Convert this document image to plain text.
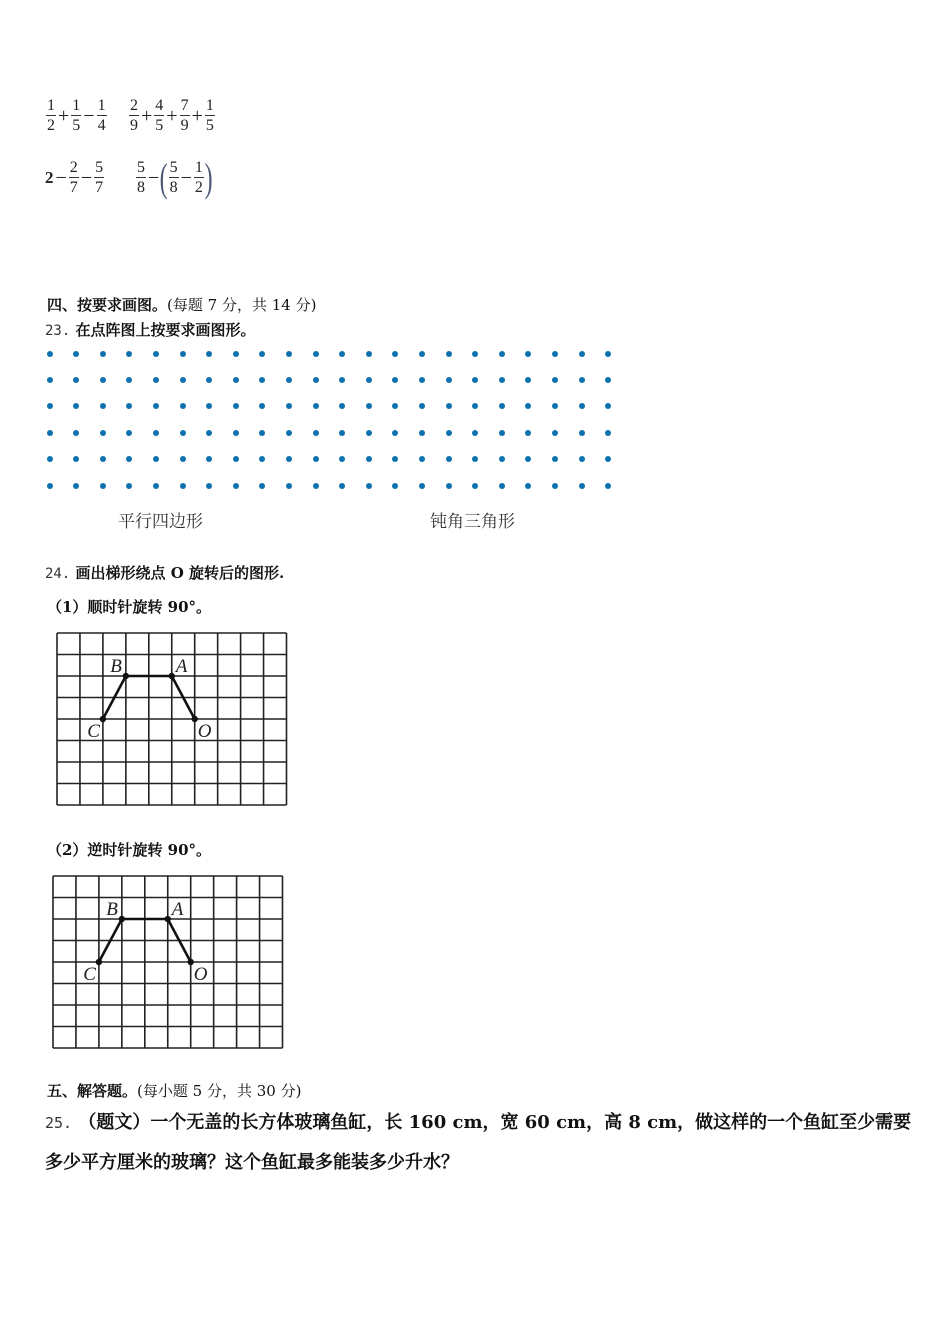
$\frac{1}{2} + \frac{1}{5} - \frac{1}{4} \frac{2}{9} + \frac{4}{5} + \frac{7}{9} + \frac{1}{5}$
$2 - \frac{2}{7} - \frac{5}{7} \frac{5}{8}$ − ( $\frac{5}{8} - \frac{1}{2}$ )
四、按要求画图。(每题 7 分，共 14 分)
23. 在点阵图上按要求画图形。
平行四边形	钝角三角形
24. 画出梯形绕点 O 旋转后的图形.
（1）顺时针旋转 90°。
A
B
C	O
（2）逆时针旋转 90°。
A
B
C	O
五、解答题。(每小题 5 分，共 30 分)
25. （题文）一个无盖的长方体玻璃鱼缸，长 160 cm，宽 60 cm，高 8 cm，做这样的一个鱼缸至少需要
多少平方厘米的玻璃？这个鱼缸最多能装多少升水？
